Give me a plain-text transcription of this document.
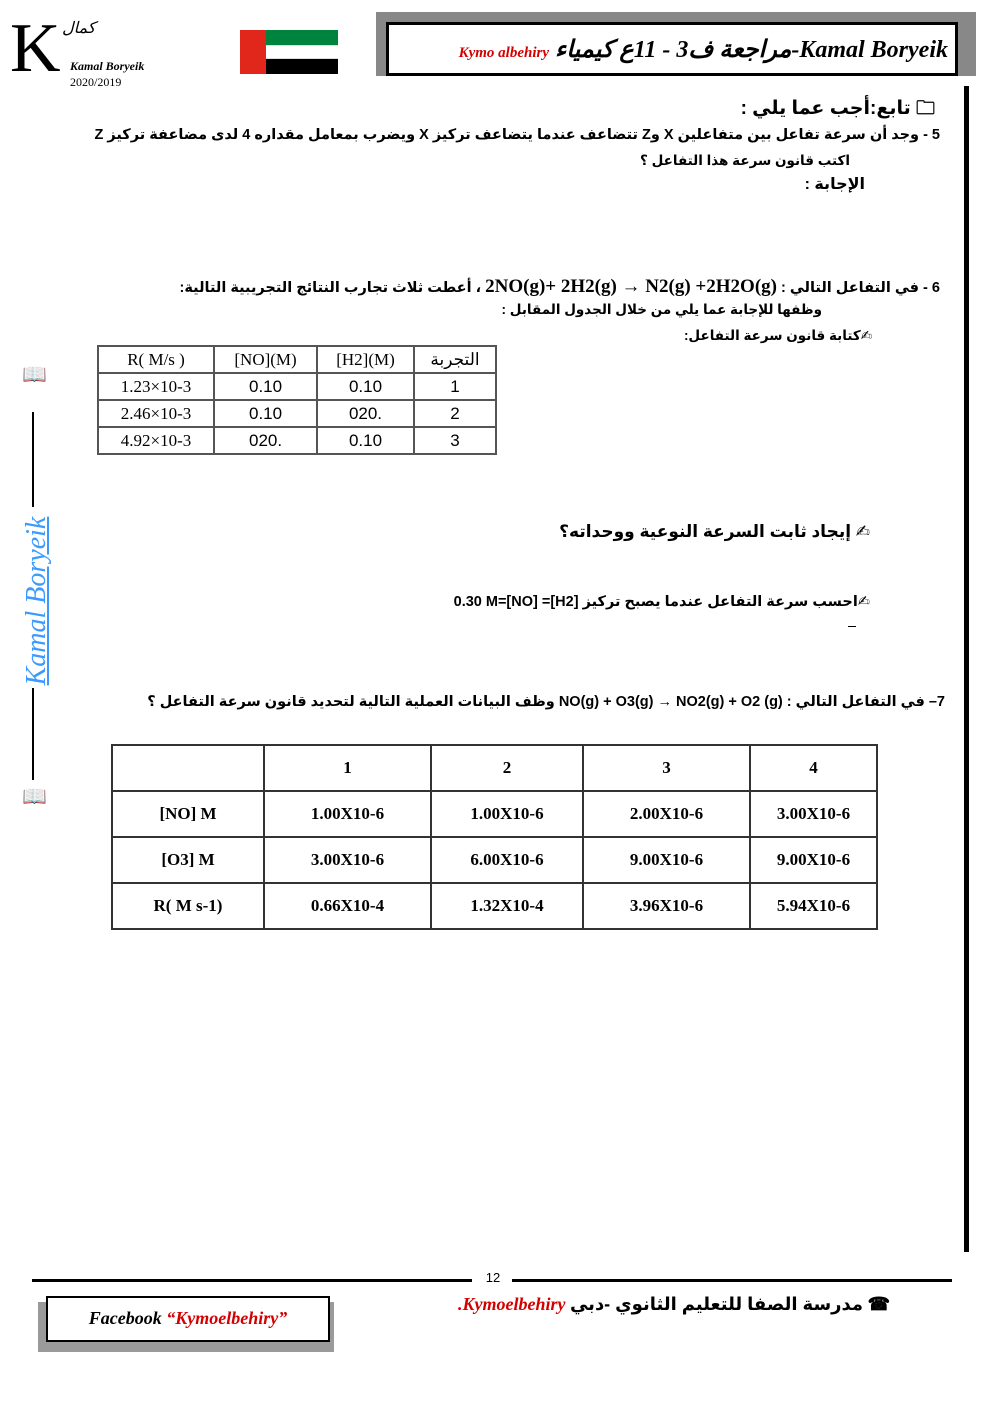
K كمال
Kamal Boryeik
2020/2019
Kamal Boryeik-مراجعة ف3 - 11ع كيمياء Kymo albehiry
📖
Kamal Boryeik
📖
🗀 تابع:أجب عما يلي :
5 - وجد أن سرعة تفاعل بين متفاعلين X وZ تتضاعف عندما يتضاعف تركيز X ويضرب بمعامل مقداره 4 لدى مضاعفة تركيز Z
اكتب قانون سرعة هذا التفاعل ؟
الإجابة :
6 - في التفاعل التالي : 2NO(g)+ 2H2(g) → N2(g) +2H2O(g) ، أعطت ثلاث تجارب النتائج التجريبية التالية:
وظفها للإجابة عما يلي من خلال الجدول المقابل :
✍كتابة قانون سرعة التفاعل:
R( M/s )	[NO](M)	[H2](M)	التجربة
1.23×10-3	0.10	0.10	1
2.46×10-3	0.10	020.	2
4.92×10-3	020.	0.10	3
✍ إيجاد ثابت السرعة النوعية ووحداته؟
✍احسب سرعة التفاعل عندما يصبح تركيز [H2]= [NO]=0.30 M
7– في التفاعل التالي : NO(g) + O3(g) → NO2(g) + O2 (g) وظف البيانات العملية التالية لتحديد قانون سرعة التفاعل ؟
	1	2	3	4
[NO] M	1.00X10-6	1.00X10-6	2.00X10-6	3.00X10-6
[O3] M	3.00X10-6	6.00X10-6	9.00X10-6	9.00X10-6
R( M s-1)	0.66X10-4	1.32X10-4	3.96X10-6	5.94X10-6
12
Facebook “Kymoelbehiry”
☎ مدرسة الصفا للتعليم الثانوي -دبي Kymoelbehiry.
